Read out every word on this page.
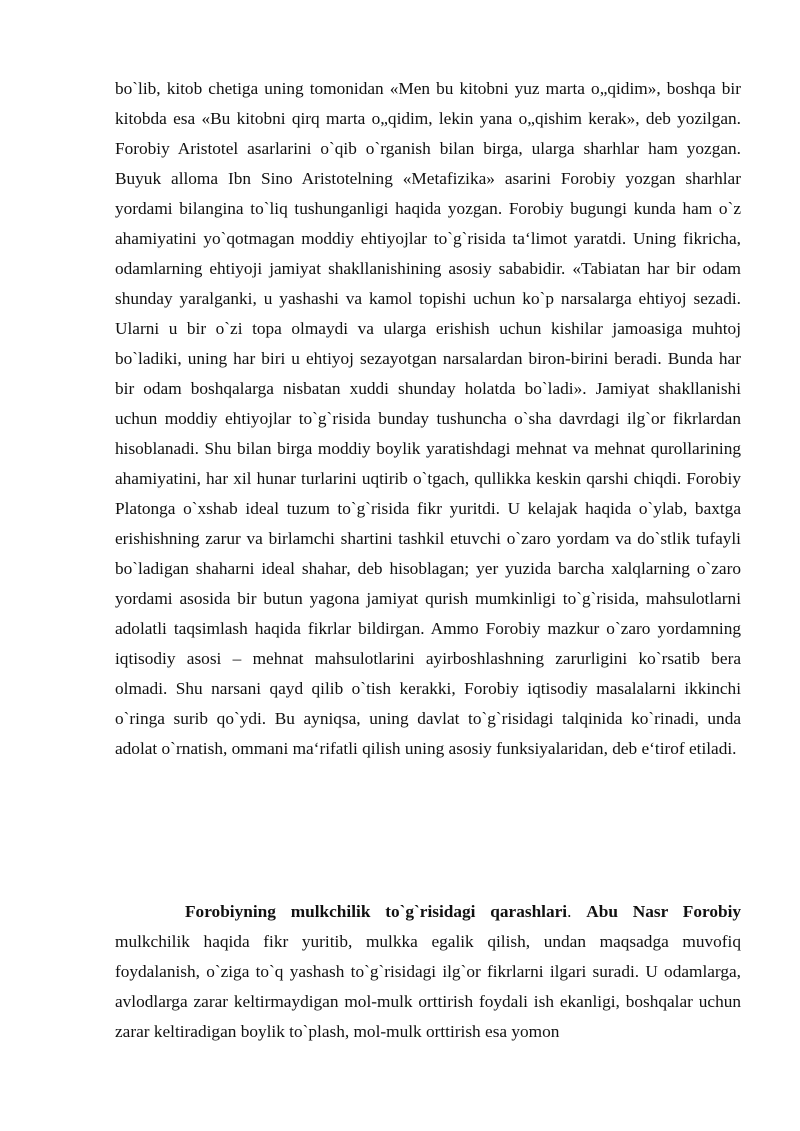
bo`lib, kitob chetiga uning tomonidan «Men bu kitobni yuz marta o„qidim», boshqa bir kitobda esa «Bu kitobni qirq marta o„qidim, lekin yana o„qishim kerak», deb yozilgan. Forobiy Aristotel asarlarini o`qib o`rganish bilan birga, ularga sharhlar ham yozgan. Buyuk alloma Ibn Sino Aristotelning «Metafizika» asarini Forobiy yozgan sharhlar yordami bilangina to`liq tushunganligi haqida yozgan. Forobiy bugungi kunda ham o`z ahamiyatini yo`qotmagan moddiy ehtiyojlar to`g`risida ta‘limot yaratdi. Uning fikricha, odamlarning ehtiyoji jamiyat shakllanishining asosiy sababidir. «Tabiatan har bir odam shunday yaralganki, u yashashi va kamol topishi uchun ko`p narsalarga ehtiyoj sezadi. Ularni u bir o`zi topa olmaydi va ularga erishish uchun kishilar jamoasiga muhtoj bo`ladiki, uning har biri u ehtiyoj sezayotgan narsalardan biron-birini beradi. Bunda har bir odam boshqalarga nisbatan xuddi shunday holatda bo`ladi». Jamiyat shakllanishi uchun moddiy ehtiyojlar to`g`risida bunday tushuncha o`sha davrdagi ilg`or fikrlardan hisoblanadi. Shu bilan birga moddiy boylik yaratishdagi mehnat va mehnat qurollarining ahamiyatini, har xil hunar turlarini uqtirib o`tgach, qullikka keskin qarshi chiqdi. Forobiy Platonga o`xshab ideal tuzum to`g`risida fikr yuritdi. U kelajak haqida o`ylab, baxtga erishishning zarur va birlamchi shartini tashkil etuvchi o`zaro yordam va do`stlik tufayli bo`ladigan shaharni ideal shahar, deb hisoblagan; yer yuzida barcha xalqlarning o`zaro yordami asosida bir butun yagona jamiyat qurish mumkinligi to`g`risida, mahsulotlarni adolatli taqsimlash haqida fikrlar bildirgan. Ammo Forobiy mazkur o`zaro yordamning iqtisodiy asosi – mehnat mahsulotlarini ayirboshlashning zarurligini ko`rsatib bera olmadi. Shu narsani qayd qilib o`tish kerakki, Forobiy iqtisodiy masalalarni ikkinchi o`ringa surib qo`ydi. Bu ayniqsa, uning davlat to`g`risidagi talqinida ko`rinadi, unda adolat o`rnatish, ommani ma‘rifatli qilish uning asosiy funksiyalaridan, deb e‘tirof etiladi.

Forobiyning mulkchilik to`g`risidagi qarashlari. Abu Nasr Forobiy mulkchilik haqida fikr yuritib, mulkka egalik qilish, undan maqsadga muvofiq foydalanish, o`ziga to`q yashash to`g`risidagi ilg`or fikrlarni ilgari suradi. U odamlarga, avlodlarga zarar keltirmaydigan mol-mulk orttirish foydali ish ekanligi, boshqalar uchun zarar keltiradigan boylik to`plash, mol-mulk orttirish esa yomon
